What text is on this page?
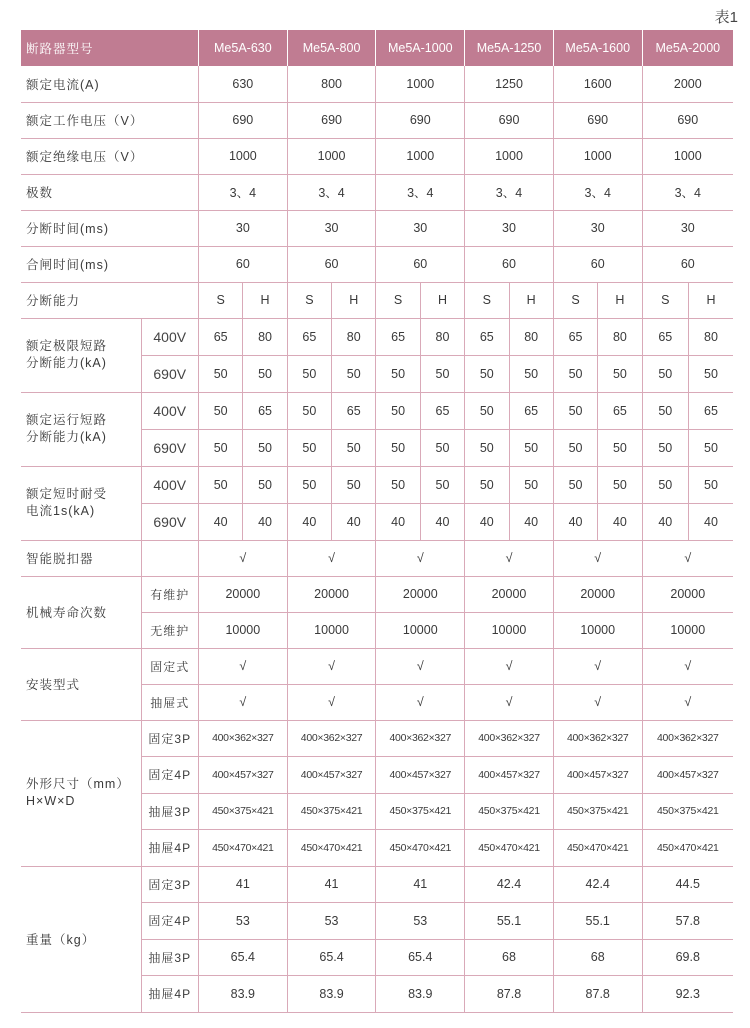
表1
断路器型号		Me5A-630		Me5A-800		Me5A-1000		Me5A-1250		Me5A-1600		Me5A-2000	
额定电流(A)		630		800		1000		1250		1600		2000	
额定工作电压（V）		690		690		690		690		690		690	
额定绝缘电压（V）		1000		1000		1000		1000		1000		1000	
极数		3、4		3、4		3、4		3、4		3、4		3、4	
分断时间(ms)		30		30		30		30		30		30	
合闸时间(ms)		60		60		60		60		60		60	
分断能力		S	H	S	H	S	H	S	H	S	H	S	H
额定极限短路
分断能力(kA)	400V	65	80	65	80	65	80	65	80	65	80	65	80
	690V	50	50	50	50	50	50	50	50	50	50	50	50
额定运行短路
分断能力(kA)	400V	50	65	50	65	50	65	50	65	50	65	50	65
	690V	50	50	50	50	50	50	50	50	50	50	50	50
额定短时耐受
电流1s(kA)	400V	50	50	50	50	50	50	50	50	50	50	50	50
	690V	40	40	40	40	40	40	40	40	40	40	40	40
智能脱扣器		√		√		√		√		√		√	
机械寿命次数	有维护	20000		20000		20000		20000		20000		20000	
	无维护	10000		10000		10000		10000		10000		10000	
安装型式	固定式	√		√		√		√		√		√	
	抽屉式	√		√		√		√		√		√	
外形尺寸（mm）
H×W×D	固定3P	400×362×327		400×362×327		400×362×327		400×362×327		400×362×327		400×362×327	
	固定4P	400×457×327		400×457×327		400×457×327		400×457×327		400×457×327		400×457×327	
	抽屉3P	450×375×421		450×375×421		450×375×421		450×375×421		450×375×421		450×375×421	
	抽屉4P	450×470×421		450×470×421		450×470×421		450×470×421		450×470×421		450×470×421	
重量（kg）	固定3P	41		41		41		42.4		42.4		44.5	
	固定4P	53		53		53		55.1		55.1		57.8	
	抽屉3P	65.4		65.4		65.4		68		68		69.8	
	抽屉4P	83.9		83.9		83.9		87.8		87.8		92.3	
